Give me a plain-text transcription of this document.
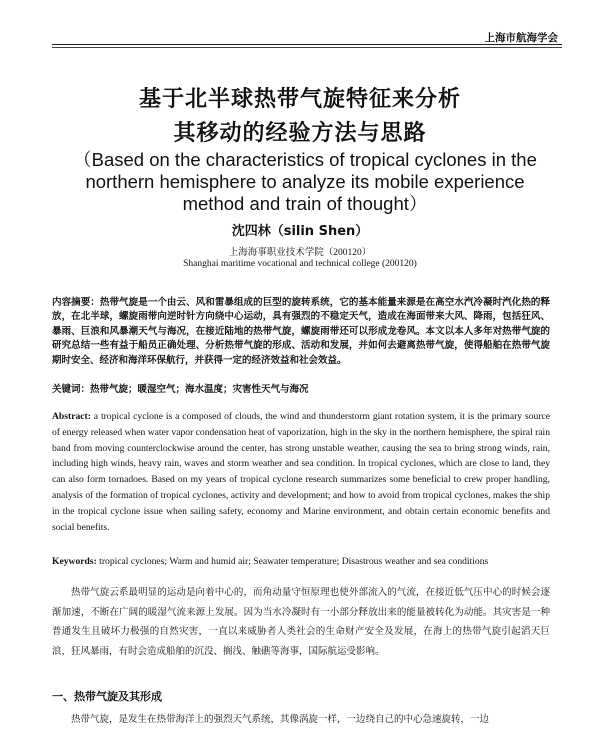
上海市航海学会
基于北半球热带气旋特征来分析
其移动的经验方法与思路
（Based on the characteristics of tropical cyclones in the northern hemisphere to analyze its mobile experience method and train of thought）
沈四林（silin Shen）
上海海事职业技术学院（200120）
Shanghai maritime vocational and technical college (200120)
内容摘要：热带气旋是一个由云、风和雷暴组成的巨型的旋转系统，它的基本能量来源是在高空水汽冷凝时汽化热的释放，在北半球，螺旋雨带向逆时针方向绕中心运动，具有强烈的不稳定天气，造成在海面带来大风、降雨，包括狂风、暴雨、巨浪和风暴潮天气与海况，在接近陆地的热带气旋，螺旋雨带还可以形成龙卷风。本文以本人多年对热带气旋的研究总结一些有益于船员正确处理、分析热带气旋的形成、活动和发展，并如何去避离热带气旋，使得船舶在热带气旋期时安全、经济和海洋环保航行，并获得一定的经济效益和社会效益。
关键词：热带气旋；暖湿空气；海水温度；灾害性天气与海况
Abstract: a tropical cyclone is a composed of clouds, the wind and thunderstorm giant rotation system, it is the primary source of energy released when water vapor condensation heat of vaporization, high in the sky in the northern hemisphere, the spiral rain band from moving counterclockwise around the center, has strong unstable weather, causing the sea to bring strong winds, rain, including high winds, heavy rain, waves and storm weather and sea condition. In tropical cyclones, which are close to land, they can also form tornadoes. Based on my years of tropical cyclone research summarizes some beneficial to crew proper handling, analysis of the formation of tropical cyclones, activity and development; and how to avoid from tropical cyclones, makes the ship in the tropical cyclone issue when sailing safety, economy and Marine environment, and obtain certain economic benefits and social benefits.
Keywords: tropical cyclones; Warm and humid air; Seawater temperature; Disastrous weather and sea conditions
热带气旋云系最明显的运动是向着中心的，而角动量守恒原理也使外部流入的气流，在接近低气压中心的时候会逐渐加速，不断在广阔的暖湿气流来源上发展。因为当水冷凝时有一小部分释放出来的能量被转化为动能。其灾害是一种普通发生且破坏力极强的自然灾害，一直以来威胁者人类社会的生命财产安全及发展，在海上的热带气旋引起滔天巨浪，狂风暴雨，有时会造成船舶的沉没、搁浅、触礁等海事，国际航运受影响。
一、热带气旋及其形成
热带气旋，是发生在热带海洋上的强烈天气系统，其像涡旋一样，一边绕自己的中心急速旋转，一边
